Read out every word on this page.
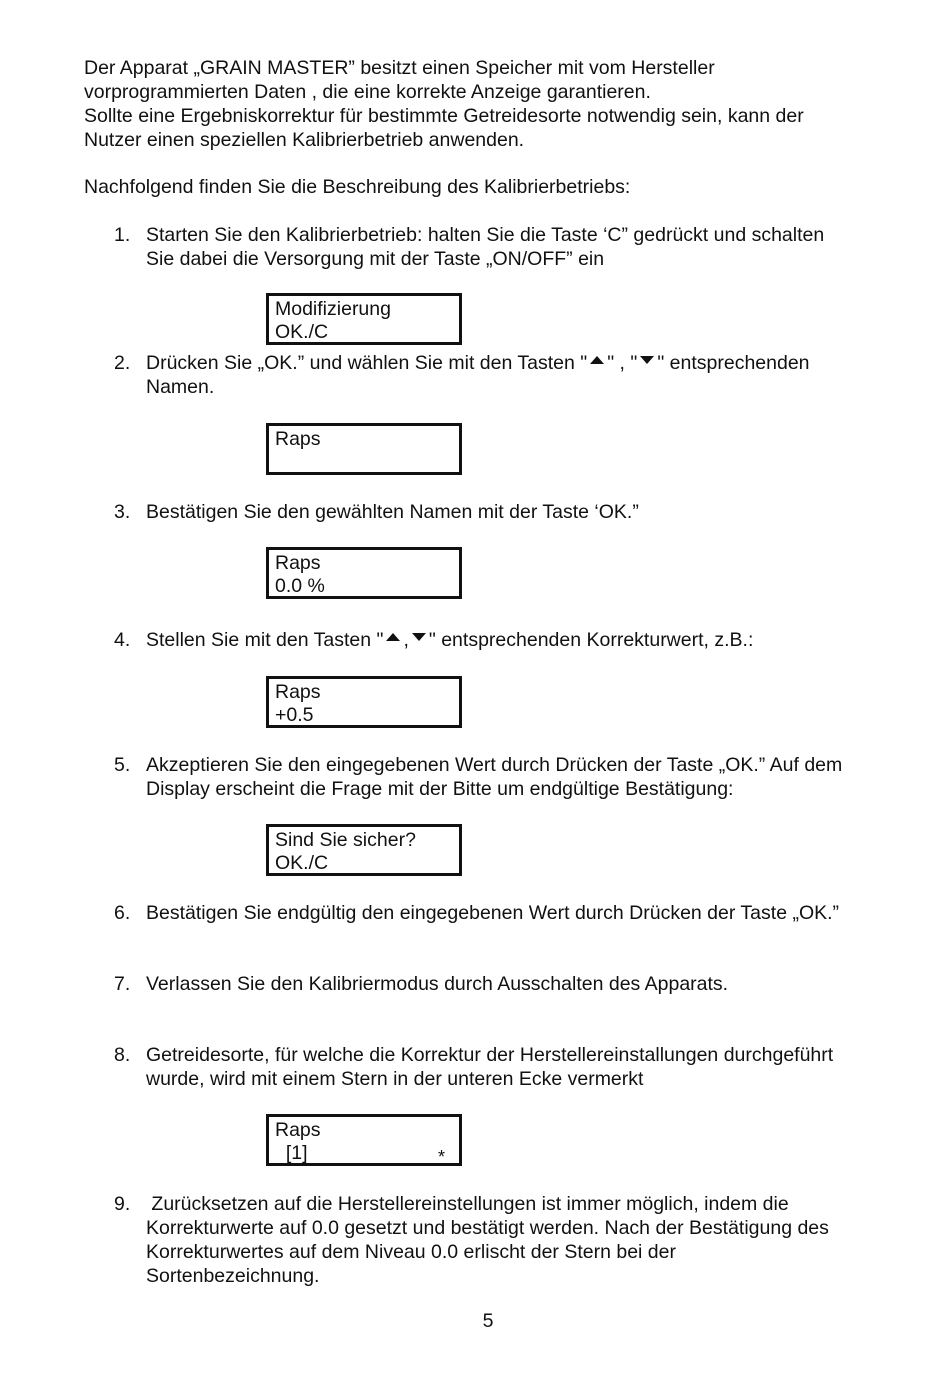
Der Apparat „GRAIN MASTER” besitzt einen Speicher mit vom Hersteller
vorprogrammierten Daten , die eine korrekte Anzeige garantieren.
Sollte eine Ergebniskorrektur für bestimmte Getreidesorte notwendig sein, kann der
Nutzer einen speziellen Kalibrierbetrieb anwenden.
Nachfolgend finden Sie die Beschreibung des Kalibrierbetriebs:
1. Starten Sie den Kalibrierbetrieb: halten Sie die Taste ‘C” gedrückt und schalten
Sie dabei die Versorgung mit der Taste „ON/OFF” ein
Modifizierung
OK./C
2. Drücken Sie „OK.” und wählen Sie mit den Tasten " " , " " entsprechenden
Namen.
Raps
3. Bestätigen Sie den gewählten Namen mit der Taste ‘OK.”
Raps
0.0 %
4. Stellen Sie mit den Tasten " , " entsprechenden Korrekturwert, z.B.:
Raps
+0.5
5. Akzeptieren Sie den eingegebenen Wert durch Drücken der Taste „OK.” Auf dem
Display erscheint die Frage mit der Bitte um endgültige Bestätigung:
Sind Sie sicher?
OK./C
6. Bestätigen Sie endgültig den eingegebenen Wert durch Drücken der Taste „OK.”
7. Verlassen Sie den Kalibriermodus durch Ausschalten des Apparats.
8. Getreidesorte, für welche die Korrektur der Herstellereinstallungen durchgeführt
wurde, wird mit einem Stern in der unteren Ecke vermerkt
Raps
[1]	*
9. Zurücksetzen auf die Herstellereinstellungen ist immer möglich, indem die
Korrekturwerte auf 0.0 gesetzt und bestätigt werden. Nach der Bestätigung des
Korrekturwertes auf dem Niveau 0.0 erlischt der Stern bei der
Sortenbezeichnung.
5
